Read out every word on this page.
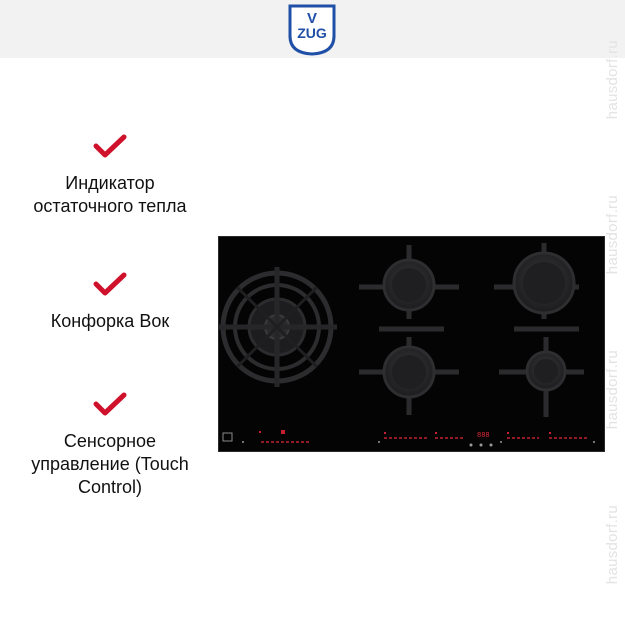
V
ZUG
Индикатор
остаточного тепла
Конфорка Вок
Сенсорное
управление (Touch
Control)
888
hausdorf.ru
hausdorf.ru
hausdorf.ru
hausdorf.ru
